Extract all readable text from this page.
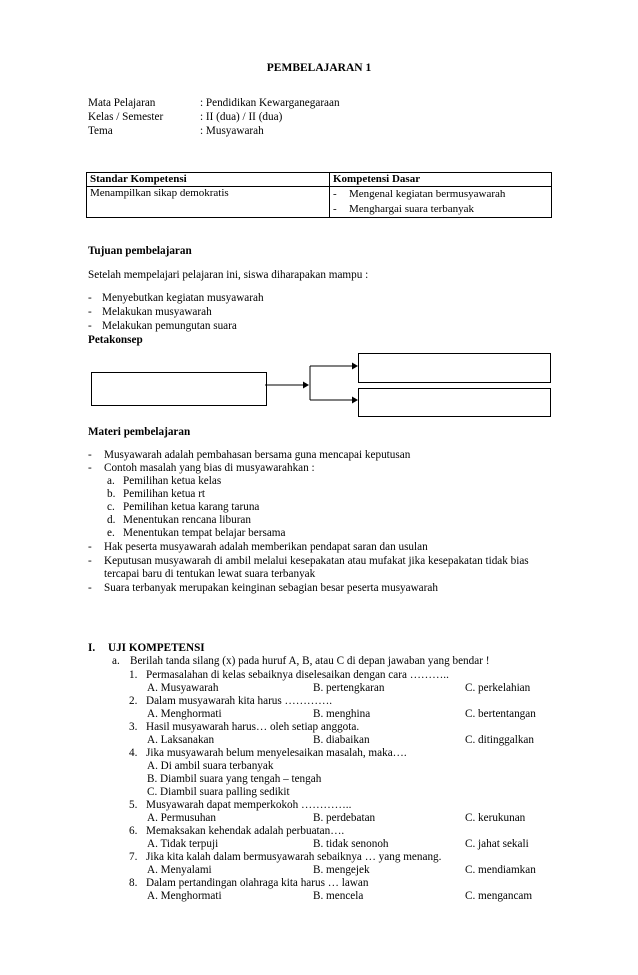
PEMBELAJARAN 1
Mata Pelajaran	: Pendidikan Kewarganegaraan
Kelas / Semester	: II (dua) / II (dua)
Tema	: Musyawarah
Standar Kompetensi	Kompetensi Dasar
Menampilkan sikap demokratis	- Mengenal kegiatan bermusyawarah
- Menghargai suara terbanyak
Tujuan pembelajaran
Setelah mempelajari pelajaran ini, siswa diharapakan mampu :
- Menyebutkan kegiatan musyawarah
- Melakukan musyawarah
- Melakukan pemungutan suara
Petakonsep
Materi pembelajaran
- Musyawarah adalah pembahasan bersama guna mencapai keputusan
- Contoh masalah yang bias di musyawarahkan :
a. Pemilihan ketua kelas
b. Pemilihan ketua rt
c. Pemilihan ketua karang taruna
d. Menentukan rencana liburan
e. Menentukan tempat belajar bersama
- Hak peserta musyawarah adalah memberikan pendapat saran dan usulan
- Keputusan musyawarah di ambil melalui kesepakatan atau mufakat jika kesepakatan tidak bias
tercapai baru di tentukan lewat suara terbanyak
- Suara terbanyak merupakan keinginan sebagian besar peserta musyawarah
I. UJI KOMPETENSI
a. Berilah tanda silang (x) pada huruf A, B, atau C di depan jawaban yang bendar !
1. Permasalahan di kelas sebaiknya diselesaikan dengan cara ………..
A. Musyawarah	B. pertengkaran	C. perkelahian
2. Dalam musyawarah kita harus ………….
A. Menghormati	B. menghina	C. bertentangan
3. Hasil musyawarah harus… oleh setiap anggota.
A. Laksanakan	B. diabaikan	C. ditinggalkan
4. Jika musyawarah belum menyelesaikan masalah, maka….
A. Di ambil suara terbanyak
B. Diambil suara yang tengah – tengah
C. Diambil suara palling sedikit
5. Musyawarah dapat memperkokoh …………..
A. Permusuhan	B. perdebatan	C. kerukunan
6. Memaksakan kehendak adalah perbuatan….
A. Tidak terpuji	B. tidak senonoh	C. jahat sekali
7. Jika kita kalah dalam bermusyawarah sebaiknya … yang menang.
A. Menyalami	B. mengejek	C. mendiamkan
8. Dalam pertandingan olahraga kita harus … lawan
A. Menghormati	B. mencela	C. mengancam
